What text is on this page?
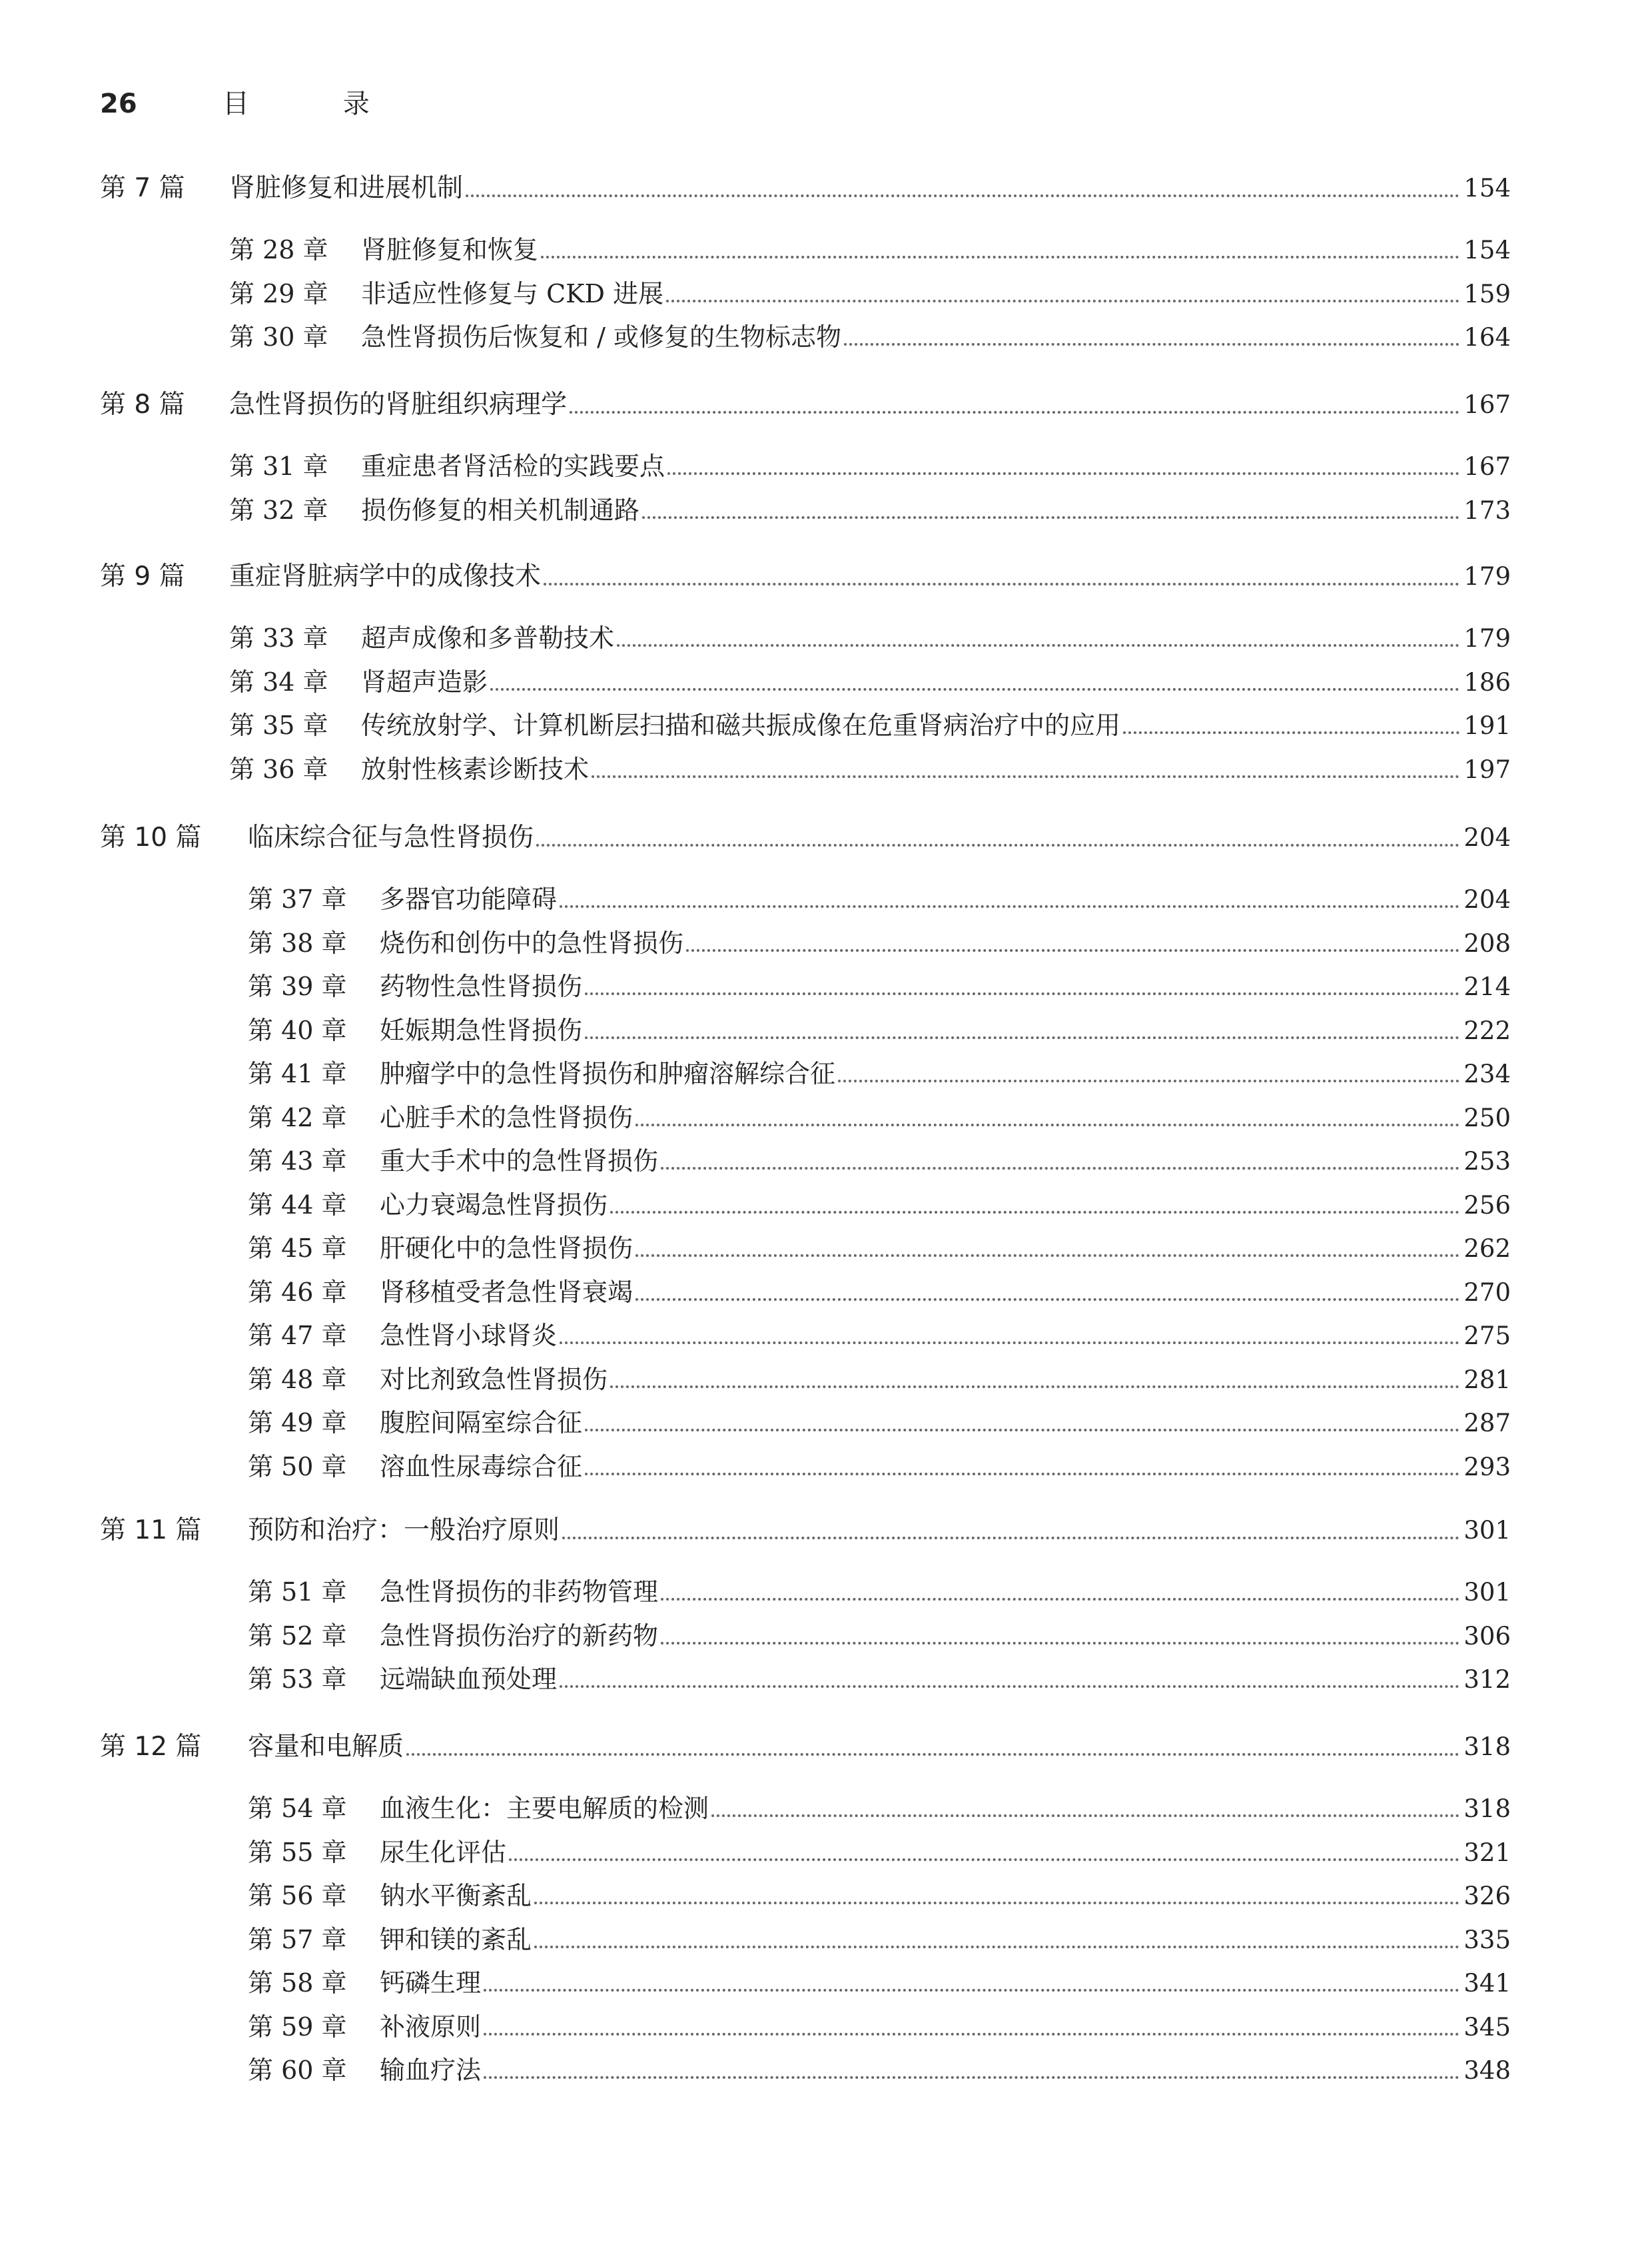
26	目 录
第 7 篇	肾脏修复和进展机制	154
第 28 章	肾脏修复和恢复	154
第 29 章	非适应性修复与 CKD 进展	159
第 30 章	急性肾损伤后恢复和 / 或修复的生物标志物	164
第 8 篇	急性肾损伤的肾脏组织病理学	167
第 31 章	重症患者肾活检的实践要点	167
第 32 章	损伤修复的相关机制通路	173
第 9 篇	重症肾脏病学中的成像技术	179
第 33 章	超声成像和多普勒技术	179
第 34 章	肾超声造影	186
第 35 章	传统放射学、计算机断层扫描和磁共振成像在危重肾病治疗中的应用	191
第 36 章	放射性核素诊断技术	197
第 10 篇	临床综合征与急性肾损伤	204
第 37 章	多器官功能障碍	204
第 38 章	烧伤和创伤中的急性肾损伤	208
第 39 章	药物性急性肾损伤	214
第 40 章	妊娠期急性肾损伤	222
第 41 章	肿瘤学中的急性肾损伤和肿瘤溶解综合征	234
第 42 章	心脏手术的急性肾损伤	250
第 43 章	重大手术中的急性肾损伤	253
第 44 章	心力衰竭急性肾损伤	256
第 45 章	肝硬化中的急性肾损伤	262
第 46 章	肾移植受者急性肾衰竭	270
第 47 章	急性肾小球肾炎	275
第 48 章	对比剂致急性肾损伤	281
第 49 章	腹腔间隔室综合征	287
第 50 章	溶血性尿毒综合征	293
第 11 篇	预防和治疗：一般治疗原则	301
第 51 章	急性肾损伤的非药物管理	301
第 52 章	急性肾损伤治疗的新药物	306
第 53 章	远端缺血预处理	312
第 12 篇	容量和电解质	318
第 54 章	血液生化：主要电解质的检测	318
第 55 章	尿生化评估	321
第 56 章	钠水平衡紊乱	326
第 57 章	钾和镁的紊乱	335
第 58 章	钙磷生理	341
第 59 章	补液原则	345
第 60 章	输血疗法	348
